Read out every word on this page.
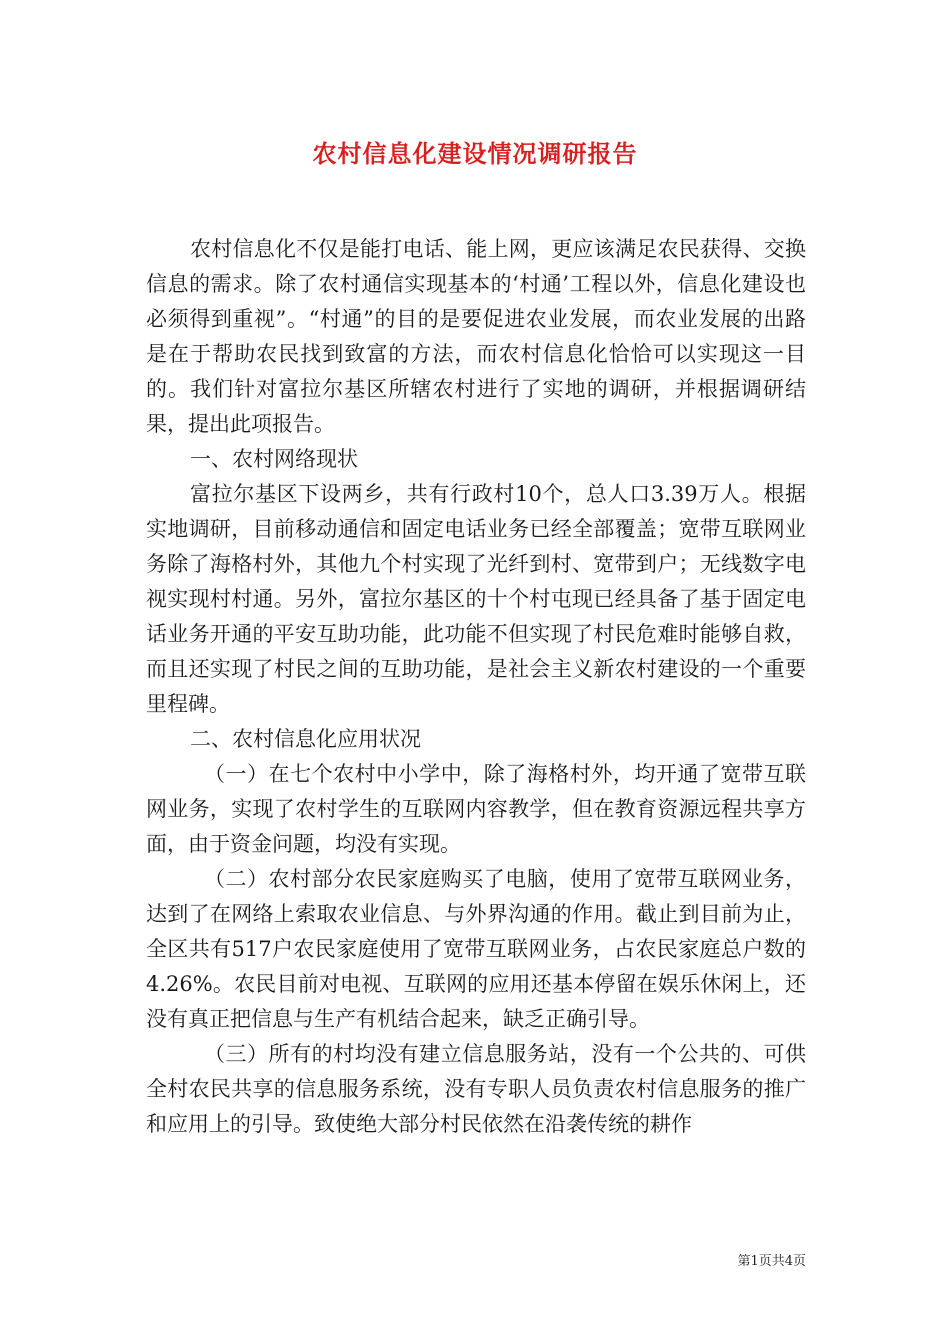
农村信息化建设情况调研报告

农村信息化不仅是能打电话、能上网，更应该满足农民获得、交换信息的需求。除了农村通信实现基本的‘村通’工程以外，信息化建设也必须得到重视”。“村通”的目的是要促进农业发展，而农业发展的出路是在于帮助农民找到致富的方法，而农村信息化恰恰可以实现这一目的。我们针对富拉尔基区所辖农村进行了实地的调研，并根据调研结果，提出此项报告。

一、农村网络现状

富拉尔基区下设两乡，共有行政村10个，总人口3.39万人。根据实地调研，目前移动通信和固定电话业务已经全部覆盖；宽带互联网业务除了海格村外，其他九个村实现了光纤到村、宽带到户；无线数字电视实现村村通。另外，富拉尔基区的十个村屯现已经具备了基于固定电话业务开通的平安互助功能，此功能不但实现了村民危难时能够自救，而且还实现了村民之间的互助功能，是社会主义新农村建设的一个重要里程碑。

二、农村信息化应用状况

（一）在七个农村中小学中，除了海格村外，均开通了宽带互联网业务，实现了农村学生的互联网内容教学，但在教育资源远程共享方面，由于资金问题，均没有实现。

（二）农村部分农民家庭购买了电脑，使用了宽带互联网业务，达到了在网络上索取农业信息、与外界沟通的作用。截止到目前为止，全区共有517户农民家庭使用了宽带互联网业务，占农民家庭总户数的4.26%。农民目前对电视、互联网的应用还基本停留在娱乐休闲上，还没有真正把信息与生产有机结合起来，缺乏正确引导。

（三）所有的村均没有建立信息服务站，没有一个公共的、可供全村农民共享的信息服务系统，没有专职人员负责农村信息服务的推广和应用上的引导。致使绝大部分村民依然在沿袭传统的耕作

第1页共4页
